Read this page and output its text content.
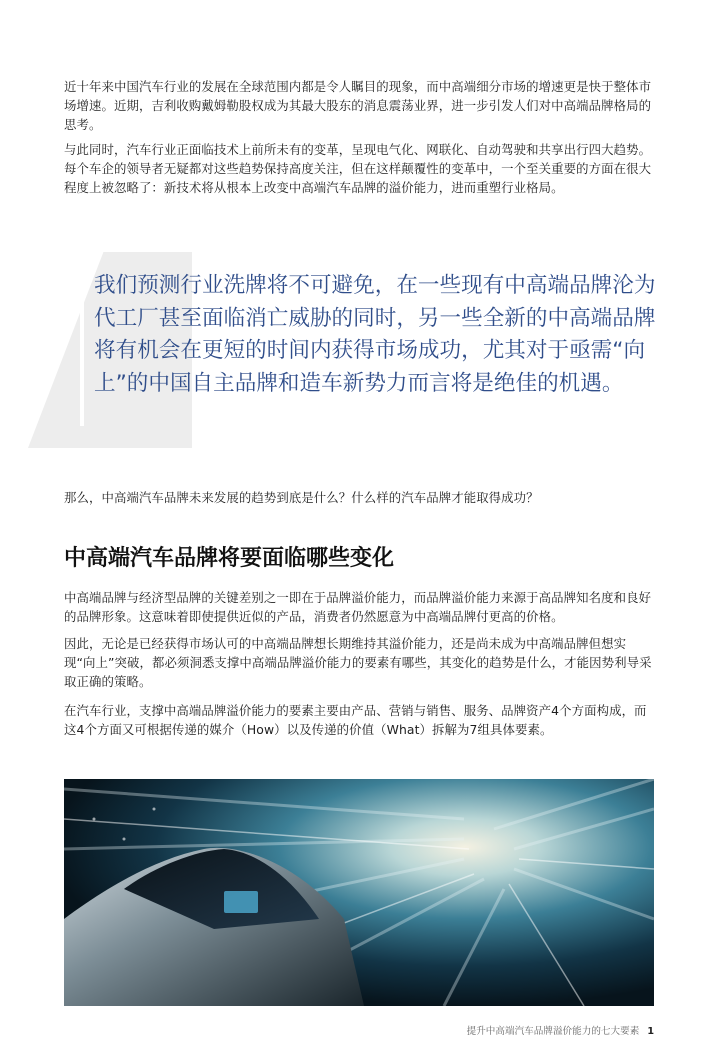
近十年来中国汽车行业的发展在全球范围内都是令人瞩目的现象，而中高端细分市场的增速更是快于整体市场增速。近期，吉利收购戴姆勒股权成为其最大股东的消息震荡业界，进一步引发人们对中高端品牌格局的思考。

与此同时，汽车行业正面临技术上前所未有的变革，呈现电气化、网联化、自动驾驶和共享出行四大趋势。每个车企的领导者无疑都对这些趋势保持高度关注，但在这样颠覆性的变革中，一个至关重要的方面在很大程度上被忽略了：新技术将从根本上改变中高端汽车品牌的溢价能力，进而重塑行业格局。

我们预测行业洗牌将不可避免，在一些现有中高端品牌沦为代工厂甚至面临消亡威胁的同时，另一些全新的中高端品牌将有机会在更短的时间内获得市场成功，尤其对于亟需“向上”的中国自主品牌和造车新势力而言将是绝佳的机遇。

那么，中高端汽车品牌未来发展的趋势到底是什么？什么样的汽车品牌才能取得成功？

中高端汽车品牌将要面临哪些变化

中高端品牌与经济型品牌的关键差别之一即在于品牌溢价能力，而品牌溢价能力来源于高品牌知名度和良好的品牌形象。这意味着即使提供近似的产品，消费者仍然愿意为中高端品牌付更高的价格。

因此，无论是已经获得市场认可的中高端品牌想长期维持其溢价能力，还是尚未成为中高端品牌但想实现“向上”突破，都必须洞悉支撑中高端品牌溢价能力的要素有哪些，其变化的趋势是什么，才能因势利导采取正确的策略。

在汽车行业，支撑中高端品牌溢价能力的要素主要由产品、营销与销售、服务、品牌资产4个方面构成，而这4个方面又可根据传递的媒介（How）以及传递的价值（What）拆解为7组具体要素。

提升中高端汽车品牌溢价能力的七大要素 1
